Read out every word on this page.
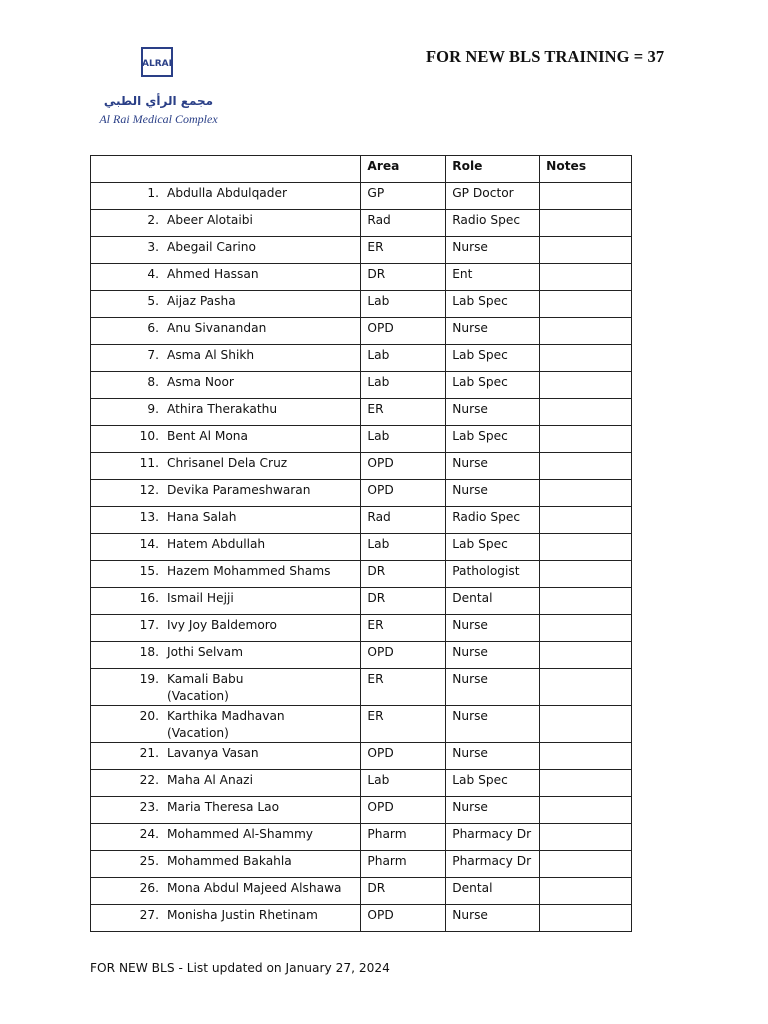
ALRAI
مجمع الرأي الطبي
Al Rai Medical Complex
FOR NEW BLS TRAINING = 37
	Area	Role	Notes
1. Abdulla Abdulqader	GP	GP Doctor	
2. Abeer Alotaibi	Rad	Radio Spec	
3. Abegail Carino	ER	Nurse	
4. Ahmed Hassan	DR	Ent	
5. Aijaz Pasha	Lab	Lab Spec	
6. Anu Sivanandan	OPD	Nurse	
7. Asma Al Shikh	Lab	Lab Spec	
8. Asma Noor	Lab	Lab Spec	
9. Athira Therakathu	ER	Nurse	
10. Bent Al Mona	Lab	Lab Spec	
11. Chrisanel Dela Cruz	OPD	Nurse	
12. Devika Parameshwaran	OPD	Nurse	
13. Hana Salah	Rad	Radio Spec	
14. Hatem Abdullah	Lab	Lab Spec	
15. Hazem Mohammed Shams	DR	Pathologist	
16. Ismail Hejji	DR	Dental	
17. Ivy Joy Baldemoro	ER	Nurse	
18. Jothi Selvam	OPD	Nurse	
19. Kamali Babu
(Vacation)	ER	Nurse	
20. Karthika Madhavan
(Vacation)	ER	Nurse	
21. Lavanya Vasan	OPD	Nurse	
22. Maha Al Anazi	Lab	Lab Spec	
23. Maria Theresa Lao	OPD	Nurse	
24. Mohammed Al-Shammy	Pharm	Pharmacy Dr	
25. Mohammed Bakahla	Pharm	Pharmacy Dr	
26. Mona Abdul Majeed Alshawa	DR	Dental	
27. Monisha Justin Rhetinam	OPD	Nurse	
FOR NEW BLS - List updated on January 27, 2024
